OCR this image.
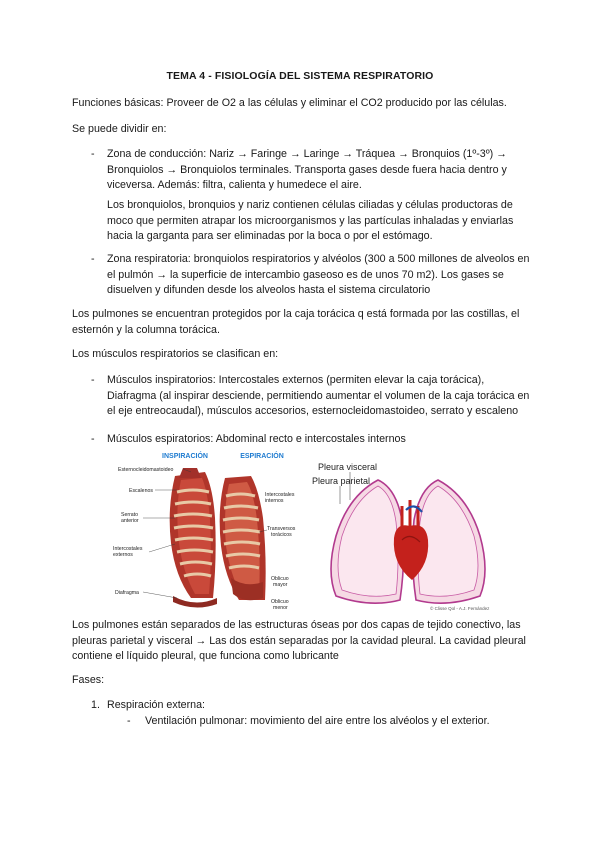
TEMA 4 - FISIOLOGÍA DEL SISTEMA RESPIRATORIO
Funciones básicas: Proveer de O2 a las células y eliminar el CO2 producido por las células.
Se puede dividir en:
- Zona de conducción: Nariz → Faringe → Laringe → Tráquea → Bronquios (1º-3º) → Bronquiolos → Bronquiolos terminales. Transporta gases desde fuera hacia dentro y viceversa. Además: filtra, calienta y humedece el aire.
Los bronquiolos, bronquios y nariz contienen células ciliadas y células productoras de moco que permiten atrapar los microorganismos y las partículas inhaladas y enviarlas hacia la garganta para ser eliminadas por la boca o por el estómago.
- Zona respiratoria: bronquiolos respiratorios y alvéolos (300 a 500 millones de alveolos en el pulmón → la superficie de intercambio gaseoso es de unos 70 m2). Los gases se disuelven y difunden desde los alveolos hasta el sistema circulatorio
Los pulmones se encuentran protegidos por la caja torácica q está formada por las costillas, el esternón y la columna torácica.
Los músculos respiratorios se clasifican en:
- Músculos inspiratorios: Intercostales externos (permiten elevar la caja torácica), Diafragma (al inspirar desciende, permitiendo aumentar el volumen de la caja torácica en el eje entreocaudal), músculos accesorios, esternocleidomastoideo, serrato y escaleno
- Músculos espiratorios: Abdominal recto e intercostales internos
INSPIRACIÓN	ESPIRACIÓN
Esternocleidomastoideo
Escalenos
Serrato
anterior
Intercostales
externos
Diafragma
Intercostales
internos
Transversos
torácicos
Oblicuo
mayor
Oblicuo
menor
Pleura visceral
Pleura parietal
© Clisse Qol - A.J. Fernández
Los pulmones están separados de las estructuras óseas por dos capas de tejido conectivo, las pleuras parietal y visceral → Las dos están separadas por la cavidad pleural. La cavidad pleural contiene el líquido pleural, que funciona como lubricante
Fases:
1. Respiración externa:
- Ventilación pulmonar: movimiento del aire entre los alvéolos y el exterior.
